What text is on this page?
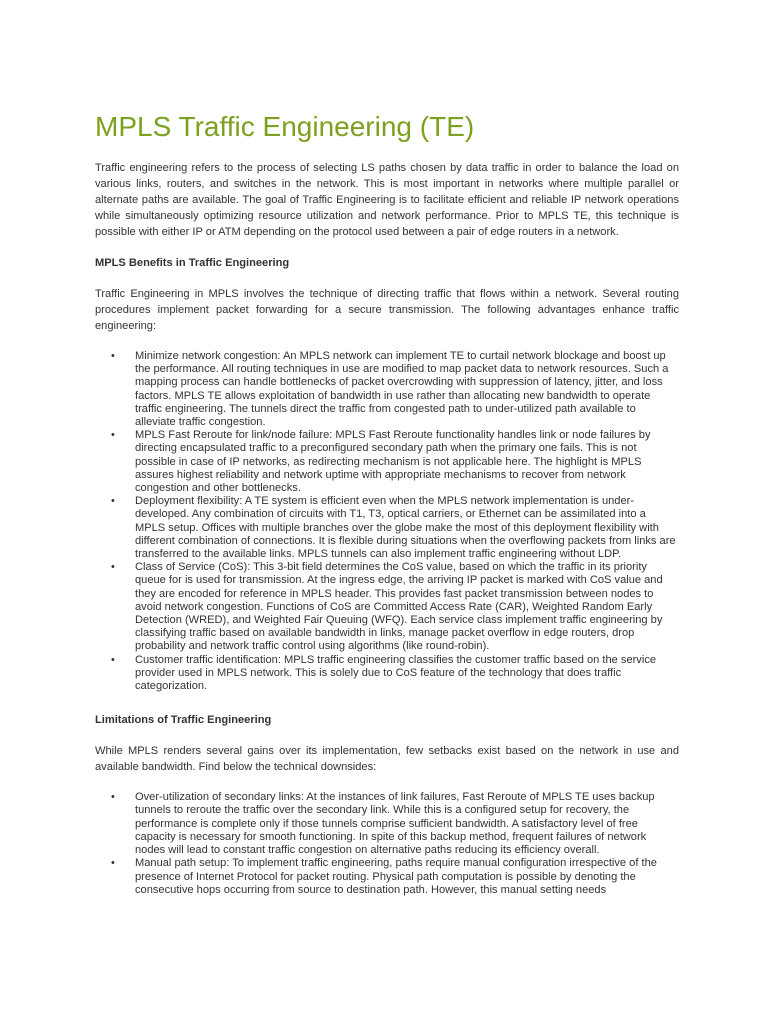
MPLS Traffic Engineering (TE)

Traffic engineering refers to the process of selecting LS paths chosen by data traffic in order to balance the load on various links, routers, and switches in the network. This is most important in networks where multiple parallel or alternate paths are available. The goal of Traffic Engineering is to facilitate efficient and reliable IP network operations while simultaneously optimizing resource utilization and network performance. Prior to MPLS TE, this technique is possible with either IP or ATM depending on the protocol used between a pair of edge routers in a network.

MPLS Benefits in Traffic Engineering

Traffic Engineering in MPLS involves the technique of directing traffic that flows within a network. Several routing procedures implement packet forwarding for a secure transmission. The following advantages enhance traffic engineering:

• Minimize network congestion: An MPLS network can implement TE to curtail network blockage and boost up the performance. All routing techniques in use are modified to map packet data to network resources. Such a mapping process can handle bottlenecks of packet overcrowding with suppression of latency, jitter, and loss factors. MPLS TE allows exploitation of bandwidth in use rather than allocating new bandwidth to operate traffic engineering. The tunnels direct the traffic from congested path to under-utilized path available to alleviate traffic congestion.
• MPLS Fast Reroute for link/node failure: MPLS Fast Reroute functionality handles link or node failures by directing encapsulated traffic to a preconfigured secondary path when the primary one fails. This is not possible in case of IP networks, as redirecting mechanism is not applicable here. The highlight is MPLS assures highest reliability and network uptime with appropriate mechanisms to recover from network congestion and other bottlenecks.
• Deployment flexibility: A TE system is efficient even when the MPLS network implementation is under-developed. Any combination of circuits with T1, T3, optical carriers, or Ethernet can be assimilated into a MPLS setup. Offices with multiple branches over the globe make the most of this deployment flexibility with different combination of connections. It is flexible during situations when the overflowing packets from links are transferred to the available links. MPLS tunnels can also implement traffic engineering without LDP.
• Class of Service (CoS): This 3-bit field determines the CoS value, based on which the traffic in its priority queue for is used for transmission. At the ingress edge, the arriving IP packet is marked with CoS value and they are encoded for reference in MPLS header. This provides fast packet transmission between nodes to avoid network congestion. Functions of CoS are Committed Access Rate (CAR), Weighted Random Early Detection (WRED), and Weighted Fair Queuing (WFQ). Each service class implement traffic engineering by classifying traffic based on available bandwidth in links, manage packet overflow in edge routers, drop probability and network traffic control using algorithms (like round-robin).
• Customer traffic identification: MPLS traffic engineering classifies the customer traffic based on the service provider used in MPLS network. This is solely due to CoS feature of the technology that does traffic categorization.
Limitations of Traffic Engineering

While MPLS renders several gains over its implementation, few setbacks exist based on the network in use and available bandwidth. Find below the technical downsides:

• Over-utilization of secondary links: At the instances of link failures, Fast Reroute of MPLS TE uses backup tunnels to reroute the traffic over the secondary link. While this is a configured setup for recovery, the performance is complete only if those tunnels comprise sufficient bandwidth. A satisfactory level of free capacity is necessary for smooth functioning. In spite of this backup method, frequent failures of network nodes will lead to constant traffic congestion on alternative paths reducing its efficiency overall.
• Manual path setup: To implement traffic engineering, paths require manual configuration irrespective of the presence of Internet Protocol for packet routing. Physical path computation is possible by denoting the consecutive hops occurring from source to destination path. However, this manual setting needs
